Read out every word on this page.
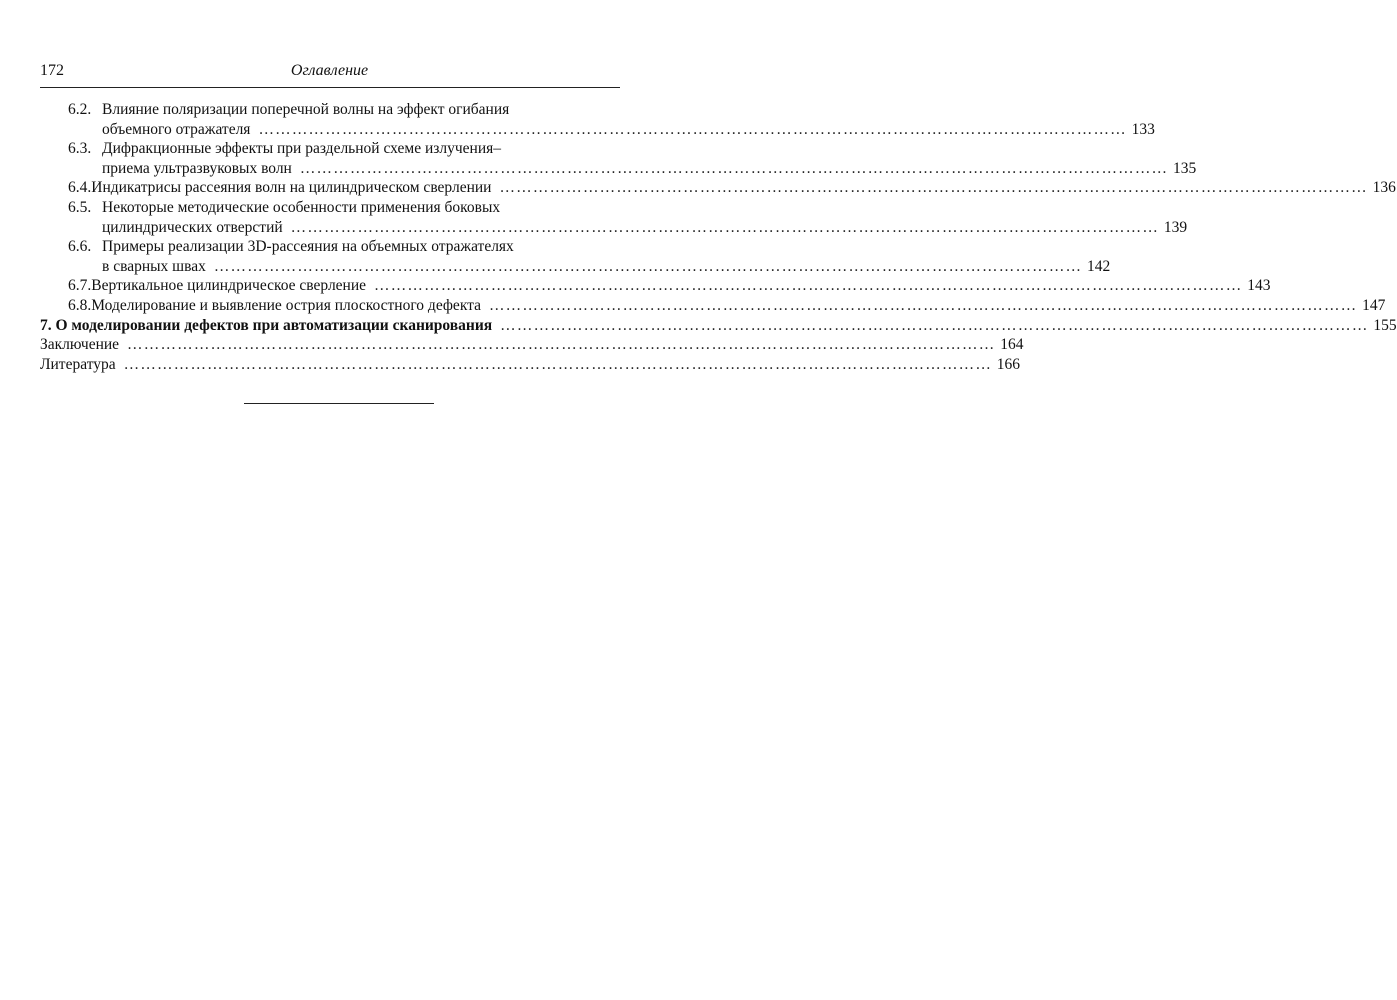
172	Оглавление
6.2. Влияние поляризации поперечной волны на эффект огибания
объемного отражателя ………………………………………………………………………………………………………………………………………… 133
6.3. Дифракционные эффекты при раздельной схеме излучения–
приема ультразвуковых волн ………………………………………………………………………………………………………………………………………… 135
6.4. Индикатрисы рассеяния волн на цилиндрическом сверлении ………………………………………………………………………………………………………………………………………… 136
6.5. Некоторые методические особенности применения боковых
цилиндрических отверстий ………………………………………………………………………………………………………………………………………… 139
6.6. Примеры реализации 3D-рассеяния на объемных отражателях
в сварных швах ………………………………………………………………………………………………………………………………………… 142
6.7. Вертикальное цилиндрическое сверление ………………………………………………………………………………………………………………………………………… 143
6.8. Моделирование и выявление острия плоскостного дефекта ………………………………………………………………………………………………………………………………………… 147
7. О моделировании дефектов при автоматизации сканирования ………………………………………………………………………………………………………………………………………… 155
Заключение ………………………………………………………………………………………………………………………………………… 164
Литература ………………………………………………………………………………………………………………………………………… 166
